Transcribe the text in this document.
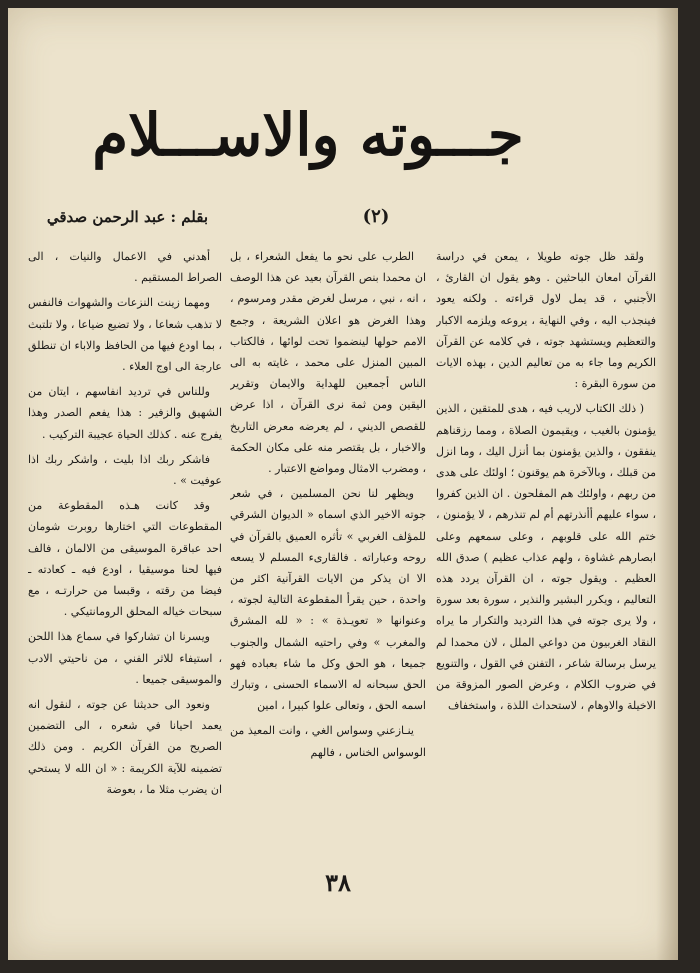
جـــوته والاســـلام
بقلم : عبد الرحمن صدقي	(٢)

ولقد ظل جوته طويلا ، يمعن في دراسة القرآن امعان الباحثين . وهو يقول ان القارئ ، الأجنبي ، قد يمل لاول قراءته . ولكنه يعود فينجذب اليه ، وفي النهاية ، يروعه ويلزمه الاكبار والتعظيم ويستشهد جوته ، في كلامه عن القرآن الكريم وما جاء به من تعاليم الدين ، بهذه الايات من سورة البقرة :

( ذلك الكتاب لاريب فيه ، هدى للمتقين ، الذين يؤمنون بالغيب ، ويقيمون الصلاة ، ومما رزقناهم ينفقون ، والذين يؤمنون بما أنزل اليك ، وما انزل من قبلك ، وبالآخرة هم يوقنون ؛ اولئك على هدى من ربهم ، واولئك هم المفلحون . ان الذين كفروا ، سواء عليهم أأنذرتهم أم لم تنذرهم ، لا يؤمنون ، ختم الله على قلوبهم ، وعلى سمعهم وعلى ابصارهم غشاوة ، ولهم عذاب عظيم ) صدق الله العظيم . ويقول جوته ، ان القرآن يردد هذه التعاليم ، ويكرر البشير والنذير ، سورة بعد سورة ، ولا يرى جوته في هذا الترديد والتكرار ما يراه النقاد الغربيون من دواعي الملل ، لان محمدا لم يرسل برسالة شاعر ، التفنن في القول ، والتنويع في ضروب الكلام ، وعرض الصور المزوقة من الاخيلة والاوهام ، لاستحداث اللذة ، واستخفاف

الطرب على نحو ما يفعل الشعراء ، بل ان محمدا بنص القرآن بعيد عن هذا الوصف ، انه ، نبي ، مرسل لغرض مقدر ومرسوم ، وهذا الغرض هو اعلان الشريعة ، وجمع الامم حولها لينضموا تحت لوائها ، فالكتاب المبين المنزل على محمد ، غايته به الى الناس أجمعين للهداية والايمان وتقرير اليقين ومن ثمة نرى القرآن ، اذا عرض للقصص الديني ، لم يعرضه معرض التاريخ والاخبار ، بل يقتصر منه على مكان الحكمة ، ومضرب الامثال ومواضع الاعتبار .

ويظهر لنا نحن المسلمين ، في شعر جوته الاخير الذي اسماه « الديوان الشرقي للمؤلف الغربي » تأثره العميق بالقرآن في روحه وعباراته . فالقارىء المسلم لا يسعه الا ان يذكر من الايات القرآنية اكثر من واحدة ، حين يقرأ المقطوعة التالية لجوته ، وعنوانها « تعويـذة » : « لله المشرق والمغرب » وفي راحتيه الشمال والجنوب جميعا ، هو الحق وكل ما شاء بعباده فهو الحق سبحانه له الاسماء الحسنى ، وتبارك اسمه الحق ، وتعالى علوا كبيرا ، امين

ينـازعني وسواس الغي ، وانت المعيذ من الوسواس الخناس ، فالهم

أهدني في الاعمال والنيات ، الى الصراط المستقيم .

ومهما زينت النزعات والشهوات فالنفس لا تذهب شعاعا ، ولا تضيع ضياعا ، ولا تلتبث ، بما اودع فيها من الحافظ والاباء ان تنطلق عارجة الى اوج العلاء .

وللناس في ترديد انفاسهم ، ايتان من الشهيق والزفير : هذا يفعم الصدر وهذا يفرج عنه . كذلك الحياة عجيبة التركيب .

فاشكر ربك اذا بليت ، واشكر ربك اذا عوفيت » .

وقد كانت هـذه المقطوعة من المقطوعات التي اختارها روبرت شومان احد عباقرة الموسيقى من الالمان ، فالف فيها لحنا موسيقيا ، اودع فيه ـ كعادته ـ فيضا من رقته ، وقبسا من حرارتـه ، مع سبحات خياله المحلق الرومانتيكي .

ويسرنا ان تشاركوا في سماع هذا اللحن ، استيفاء للاثر الفني ، من ناحيتي الادب والموسيقى جميعا .

ونعود الى حديثنا عن جوته ، لنقول انه يعمد احيانا في شعره ، الى التضمين الصريح من القرآن الكريم . ومن ذلك تضمينه للآية الكريمة : « ان الله لا يستحي ان يضرب مثلا ما ، بعوضة

٣٨
